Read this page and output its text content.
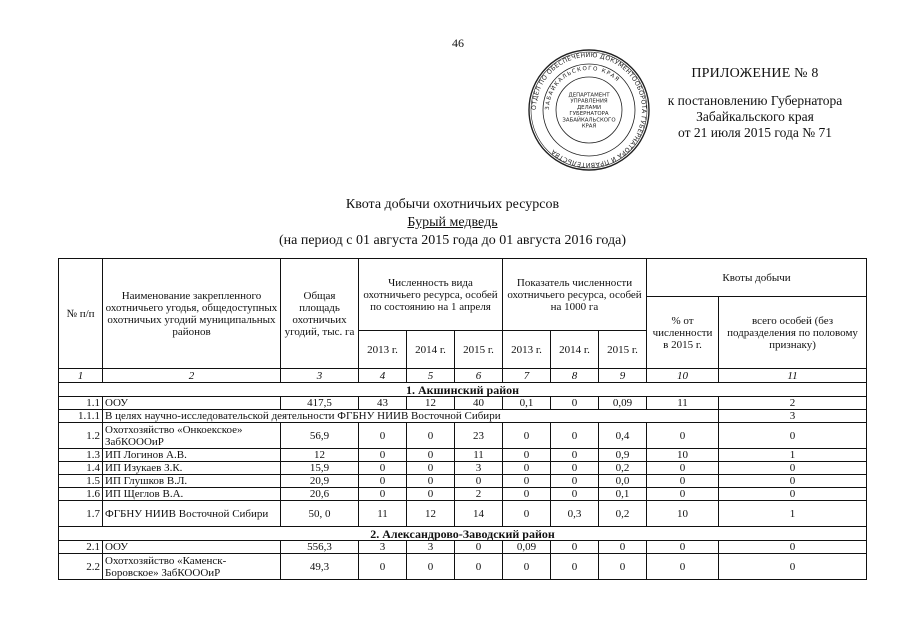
46
ОТДЕЛ ПО ОБЕСПЕЧЕНИЮ ДОКУМЕНТООБОРОТА ГУБЕРНАТОРА И ПРАВИТЕЛЬСТВА
ЗАБАЙКАЛЬСКОГО КРАЯ
ДЕПАРТАМЕНТ
УПРАВЛЕНИЯ
ДЕЛАМИ
ГУБЕРНАТОРА
ЗАБАЙКАЛЬСКОГО
КРАЯ
ПРИЛОЖЕНИЕ № 8
к постановлению Губернатора
Забайкальского края
от 21 июля 2015 года № 71
Квота добычи охотничьих ресурсов
Бурый медведь
(на период с 01 августа 2015 года до 01 августа 2016 года)
№ п/п	Наименование закрепленного охотничьего угодья, общедоступных охотничьих угодий муниципальных районов	Общая площадь охотничьих угодий, тыс. га	Численность вида охотничьего ресурса, особей по состоянию на 1 апреля			Показатель численности охотничьего ресурса, особей на 1000 га			Квоты добычи	
									% от численности в 2015 г.	всего особей (без подразделения по половому признаку)
			2013 г.	2014 г.	2015 г.	2013 г.	2014 г.	2015 г.		
1	2	3	4	5	6	7	8	9	10	11
1. Акшинский район										
1.1	ООУ	417,5	43	12	40	0,1	0	0,09	11	2
1.1.1	В целях научно-исследовательской деятельности ФГБНУ НИИВ Восточной Сибири									3
1.2	Охотхозяйство «Онкоекское» ЗабКОООиР	56,9	0	0	23	0	0	0,4	0	0
1.3	ИП Логинов А.В.	12	0	0	11	0	0	0,9	10	1
1.4	ИП Изукаев З.К.	15,9	0	0	3	0	0	0,2	0	0
1.5	ИП Глушков В.Л.	20,9	0	0	0	0	0	0,0	0	0
1.6	ИП Щеглов В.А.	20,6	0	0	2	0	0	0,1	0	0
1.7	ФГБНУ НИИВ Восточной Сибири	50, 0	11	12	14	0	0,3	0,2	10	1
2. Александрово-Заводский район										
2.1	ООУ	556,3	3	3	0	0,09	0	0	0	0
2.2	Охотхозяйство «Каменск-Боровское» ЗабКОООиР	49,3	0	0	0	0	0	0	0	0
